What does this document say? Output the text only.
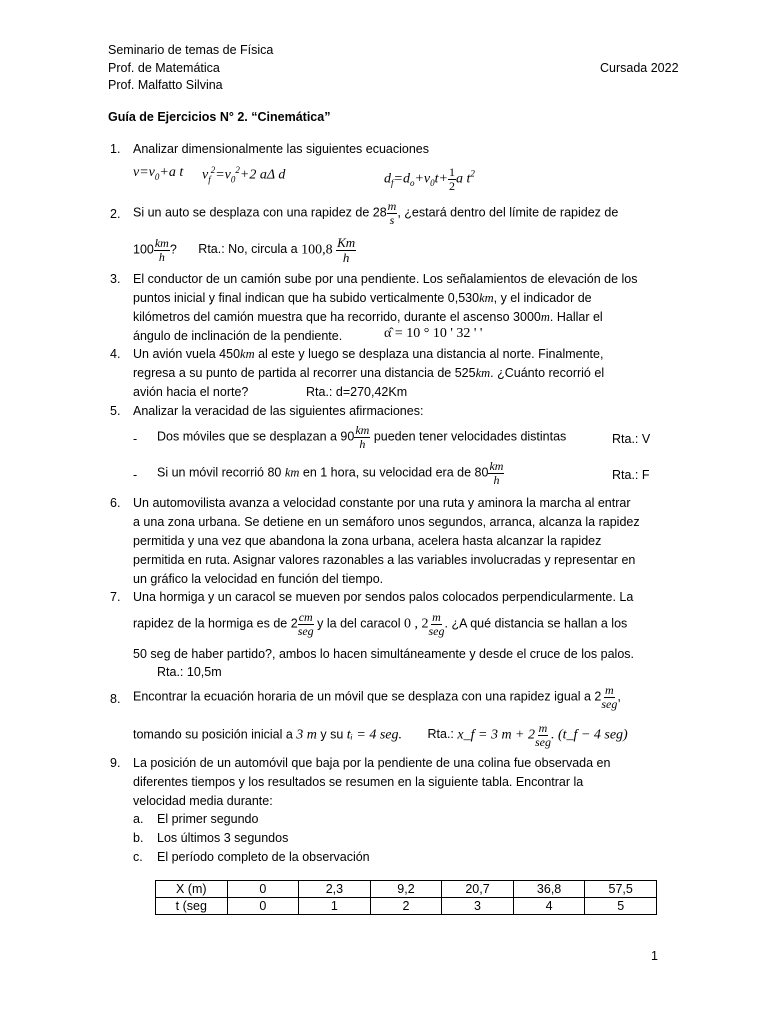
Seminario de temas de Física
Prof. de Matemática
Prof. Malfatto Silvina
Cursada 2022
Guía de Ejercicios N° 2. “Cinemática”
1. Analizar dimensionalmente las siguientes ecuaciones
$v=v_0+a$ t $v_f^2=v_0^2+2$ aΔ d	$d_f=d_o+v_0t+ \frac{1}{2}$ a $t^2$
2. Si un auto se desplaza con una rapidez de $28 \frac{m}{s}$ , ¿estará dentro del límite de rapidez de
$100 \frac{km}{h}$ ? Rta.: No, circula a $100,8 \frac{Km}{h}$
3. El conductor de un camión sube por una pendiente. Los señalamientos de elevación de los
puntos inicial y final indican que ha subido verticalmente 0,530km, y el indicador de
kilómetros del camión muestra que ha recorrido, durante el ascenso 3000m. Hallar el
ángulo de inclinación de la pendiente.	α̂ = 10 ° 10 ' 32 ' '
4. Un avión vuela 450km al este y luego se desplaza una distancia al norte. Finalmente,
regresa a su punto de partida al recorrer una distancia de 525km. ¿Cuánto recorrió el
avión hacia el norte?	Rta.: d=270,42Km
5. Analizar la veracidad de las siguientes afirmaciones:
- Dos móviles que se desplazan a $90 \frac{km}{h}$ pueden tener velocidades distintas	Rta.: V
- Si un móvil recorrió 80 km en 1 hora, su velocidad era de $80 \frac{km}{h}$	Rta.: F
6. Un automovilista avanza a velocidad constante por una ruta y aminora la marcha al entrar
a una zona urbana. Se detiene en un semáforo unos segundos, arranca, alcanza la rapidez
permitida y una vez que abandona la zona urbana, acelera hasta alcanzar la rapidez
permitida en ruta. Asignar valores razonables a las variables involucradas y representar en
un gráfico la velocidad en función del tiempo.
7. Una hormiga y un caracol se mueven por sendos palos colocados perpendicularmente. La
rapidez de la hormiga es de 2 cm
seg
y la del caracol 0 , 2 m
seg
. ¿A qué distancia se hallan a los
50 seg de haber partido?, ambos lo hacen simultáneamente y desde el cruce de los palos.
Rta.: 10,5m
8. Encontrar la ecuación horaria de un móvil que se desplaza con una rapidez igual a 2 m
seg
,
tomando su posición inicial a 3 m y su tᵢ = 4 seg. Rta.: x_f = 3 m + 2 m
seg . (t_f − 4 seg)
9. La posición de un automóvil que baja por la pendiente de una colina fue observada en
diferentes tiempos y los resultados se resumen en la siguiente tabla. Encontrar la
velocidad media durante:
a. El primer segundo
b. Los últimos 3 segundos
c. El período completo de la observación
X (m)	0	2,3	9,2	20,7	36,8	57,5
t (seg	0	1	2	3	4	5
1
